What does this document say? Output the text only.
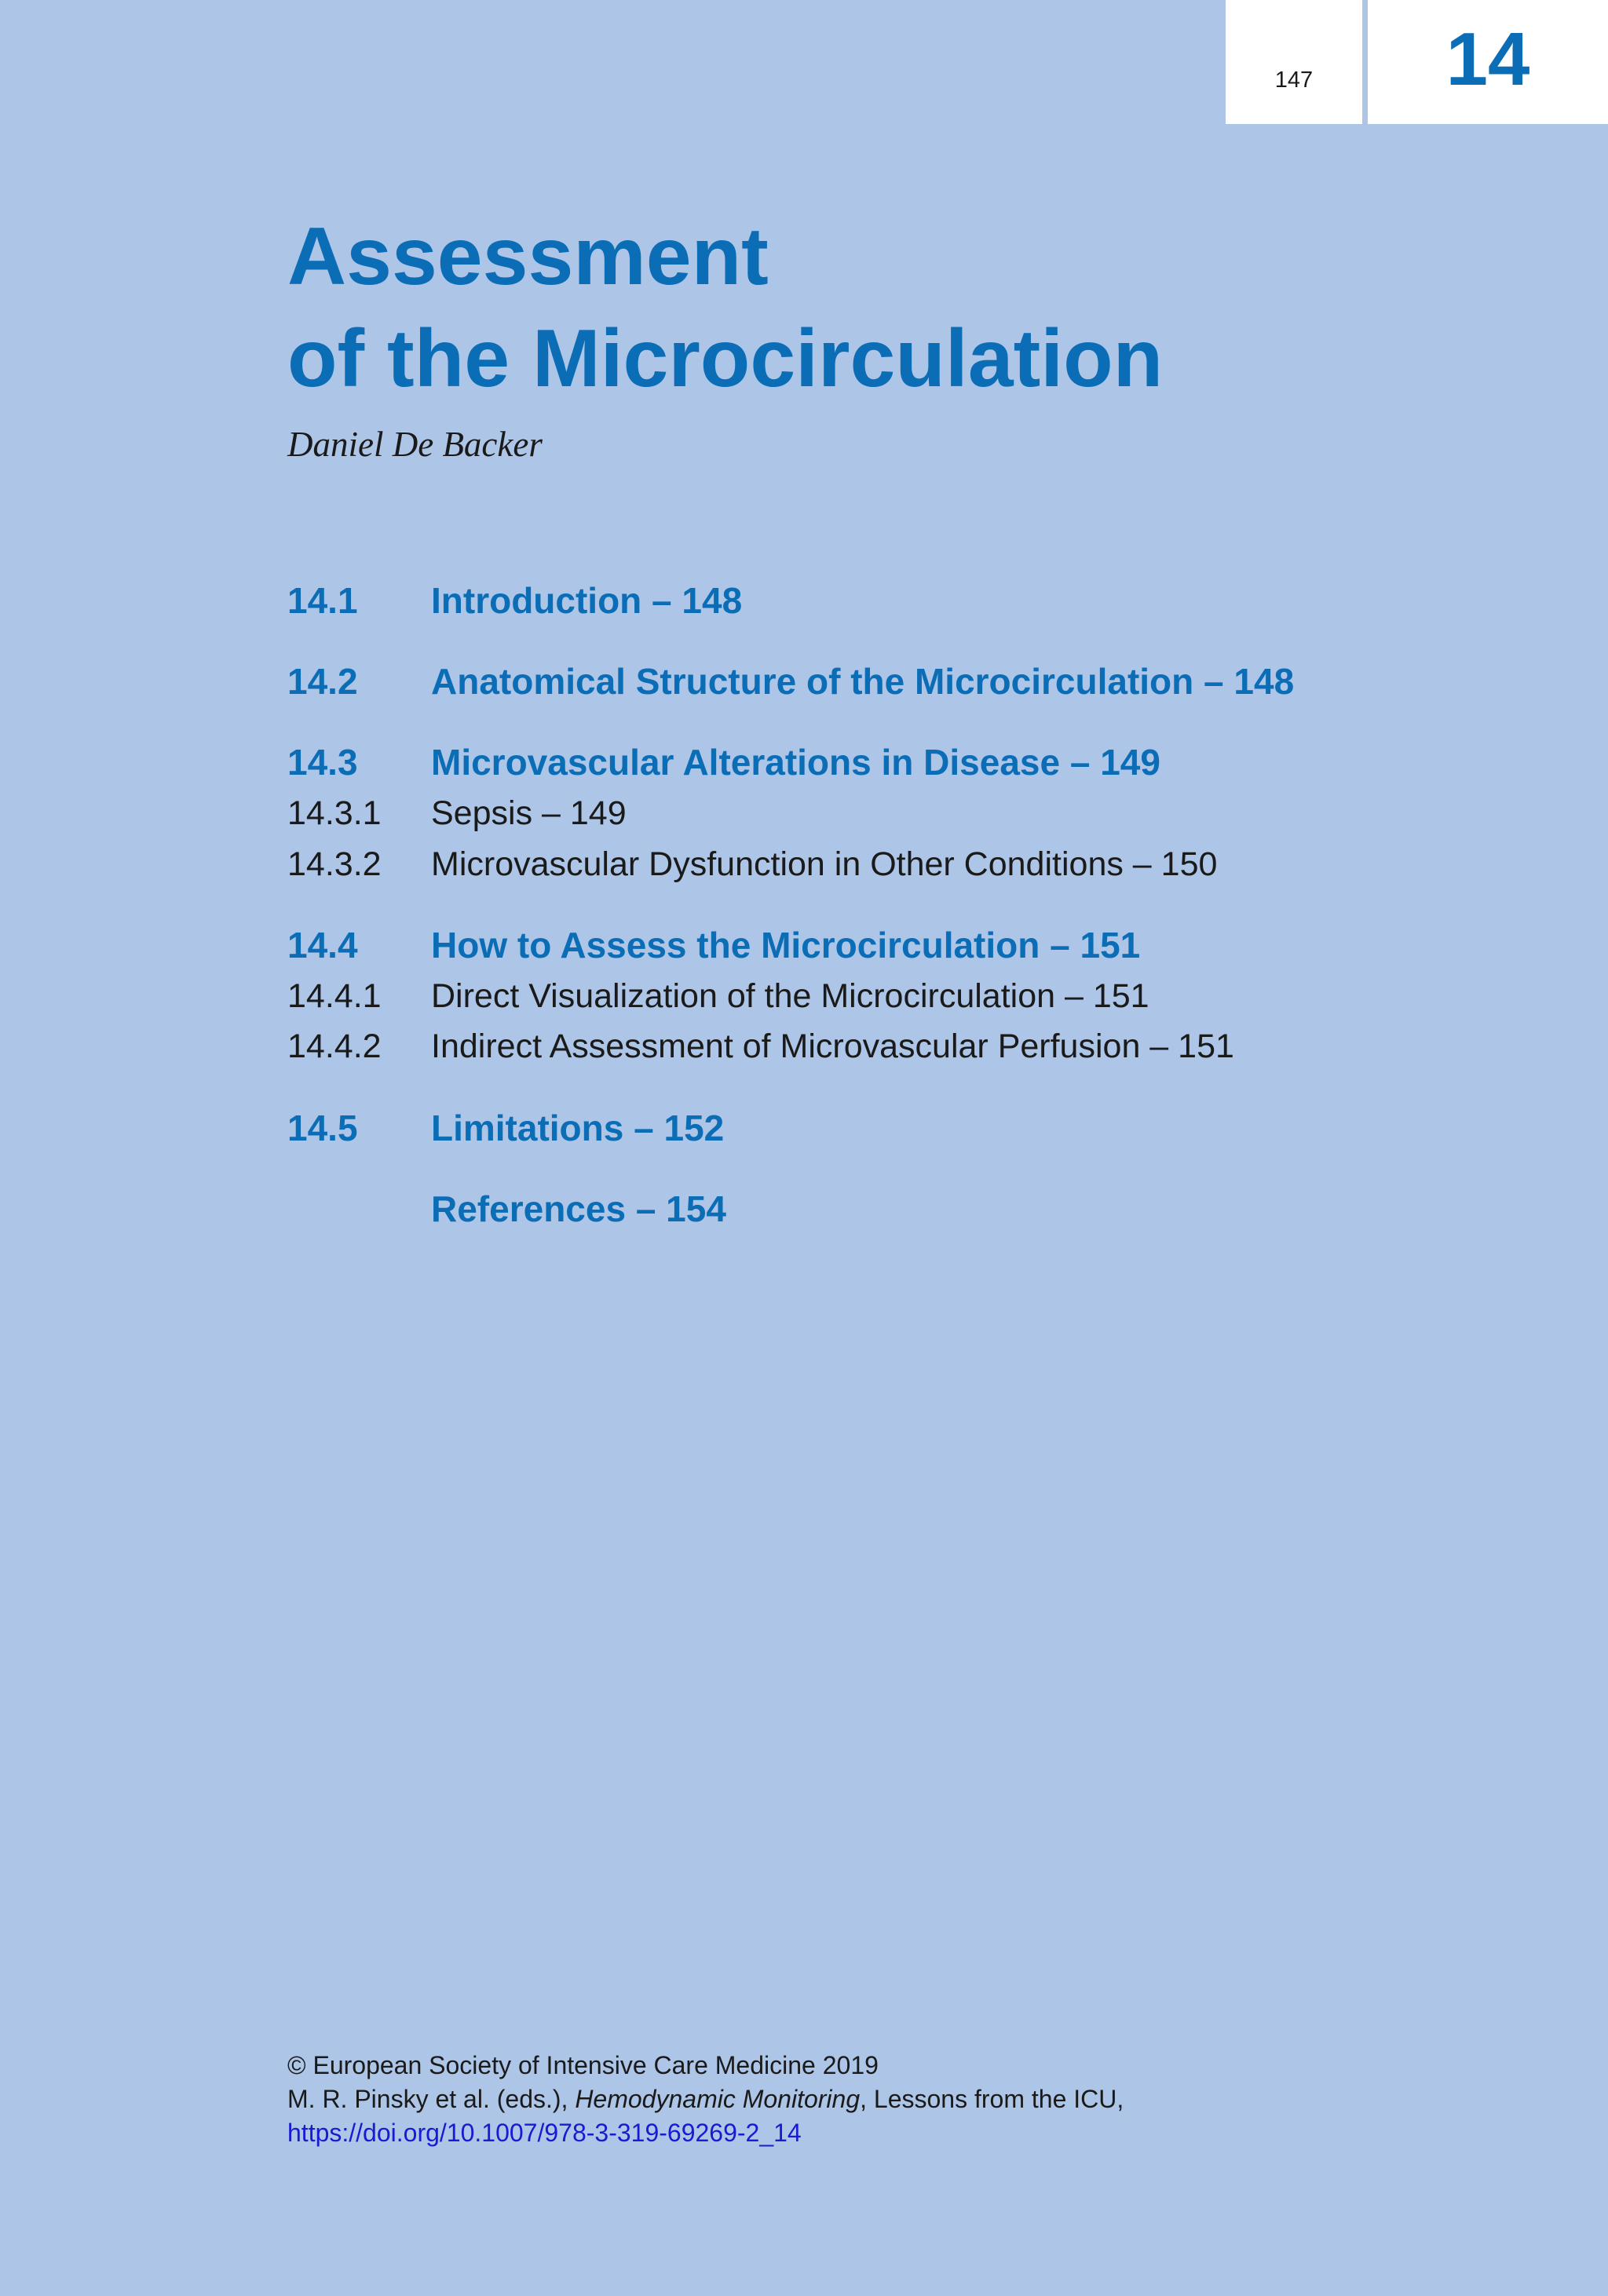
147	14
Assessment
of the Microcirculation
Daniel De Backer
14.1 Introduction – 148
14.2 Anatomical Structure of the Microcirculation – 148
14.3 Microvascular Alterations in Disease – 149
14.3.1 Sepsis – 149
14.3.2 Microvascular Dysfunction in Other Conditions – 150
14.4 How to Assess the Microcirculation – 151
14.4.1 Direct Visualization of the Microcirculation – 151
14.4.2 Indirect Assessment of Microvascular Perfusion – 151
14.5 Limitations – 152
References – 154
© European Society of Intensive Care Medicine 2019
M. R. Pinsky et al. (eds.), Hemodynamic Monitoring, Lessons from the ICU,
https://doi.org/10.1007/978-3-319-69269-2_14
